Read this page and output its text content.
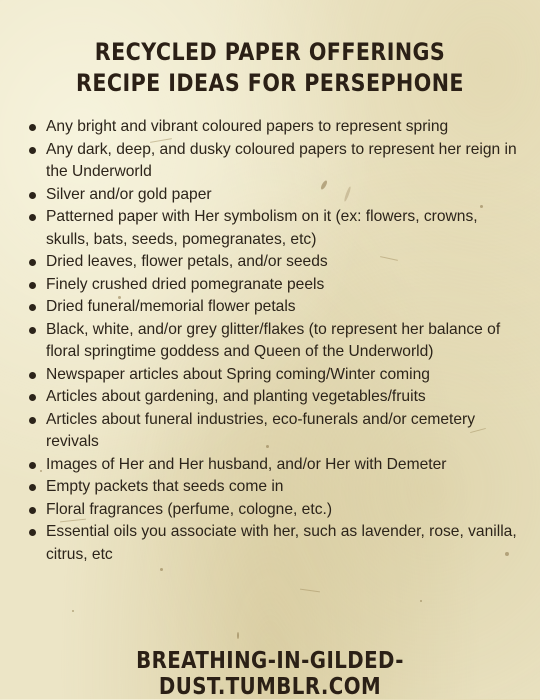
RECYCLED PAPER OFFERINGS
RECIPE IDEAS FOR PERSEPHONE
Any bright and vibrant coloured papers to represent spring
Any dark, deep, and dusky coloured papers to represent her reign in the Underworld
Silver and/or gold paper
Patterned paper with Her symbolism on it (ex: flowers, crowns, skulls, bats, seeds, pomegranates, etc)
Dried leaves, flower petals, and/or seeds
Finely crushed dried pomegranate peels
Dried funeral/memorial flower petals
Black, white, and/or grey glitter/flakes (to represent her balance of floral springtime goddess and Queen of the Underworld)
Newspaper articles about Spring coming/Winter coming
Articles about gardening, and planting vegetables/fruits
Articles about funeral industries, eco-funerals and/or cemetery revivals
Images of Her and Her husband, and/or Her with Demeter
Empty packets that seeds come in
Floral fragrances (perfume, cologne, etc.)
Essential oils you associate with her, such as lavender, rose, vanilla, citrus, etc
BREATHING-IN-GILDED-DUST.TUMBLR.COM
